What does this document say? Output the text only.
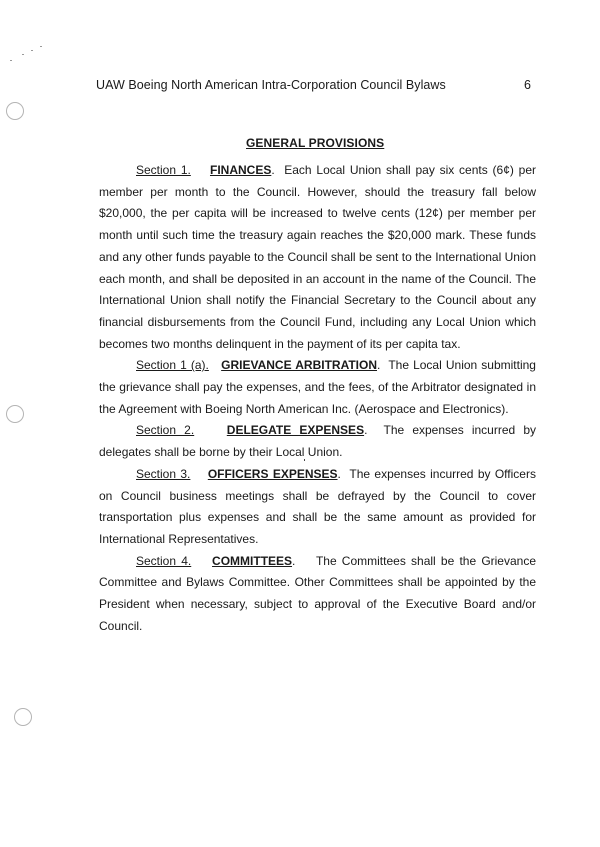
UAW Boeing North American Intra-Corporation Council Bylaws	6
GENERAL PROVISIONS

Section 1. FINANCES.  Each Local Union shall pay six cents (6¢) per member per month to the Council. However, should the treasury fall below $20,000, the per capita will be increased to twelve cents (12¢) per member per month until such time the treasury again reaches the $20,000 mark. These funds and any other funds payable to the Council shall be sent to the International Union each month, and shall be deposited in an account in the name of the Council. The International Union shall notify the Financial Secretary to the Council about any financial disbursements from the Council Fund, including any Local Union which becomes two months delinquent in the payment of its per capita tax.

Section 1 (a). GRIEVANCE ARBITRATION.  The Local Union submitting the grievance shall pay the expenses, and the fees, of the Arbitrator designated in the Agreement with Boeing North American Inc. (Aerospace and Electronics).

Section 2.	DELEGATE EXPENSES.  The expenses incurred by delegates shall be borne by their Local Union.

Section 3. OFFICERS EXPENSES.  The expenses incurred by Officers on Council business meetings shall be defrayed by the Council to cover transportation plus expenses and shall be the same amount as provided for International Representatives.

Section 4. COMMITTEES.    The Committees shall be the Grievance Committee and Bylaws Committee. Other Committees shall be appointed by the President when necessary, subject to approval of the Executive Board and/or Council.
